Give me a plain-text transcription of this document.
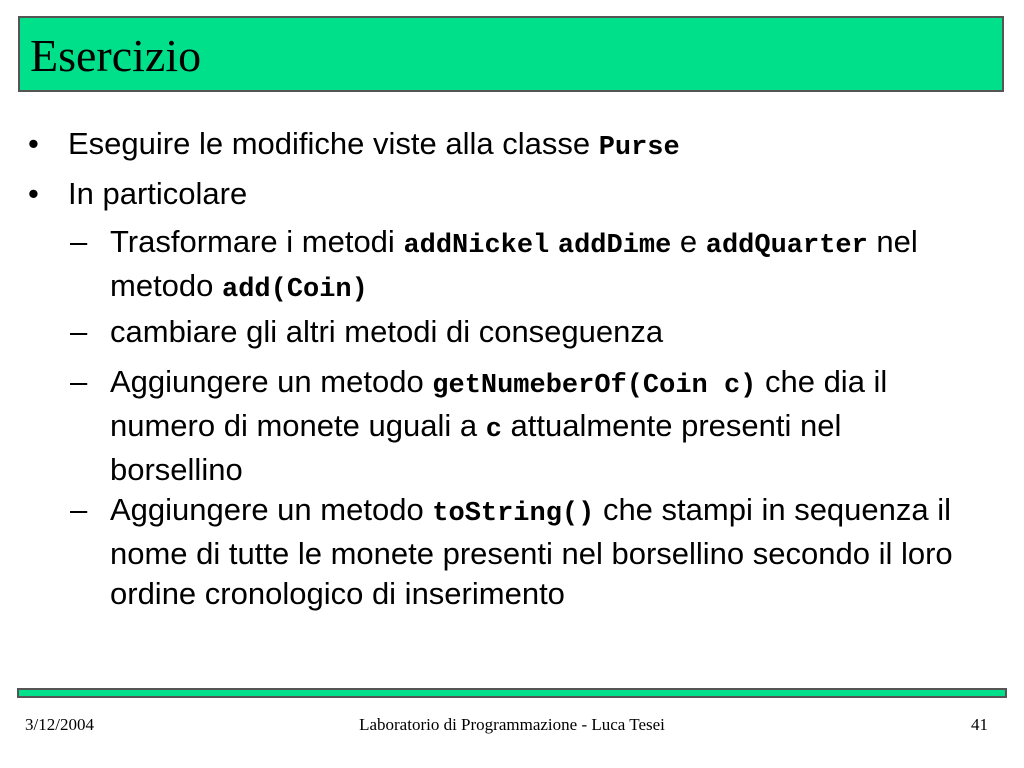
Esercizio
• Eseguire le modifiche viste alla classe Purse
• In particolare
– Trasformare i metodi addNickel addDime e addQuarter nel metodo add(Coin)
– cambiare gli altri metodi di conseguenza
– Aggiungere un metodo getNumeberOf(Coin c) che dia il numero di monete uguali a c attualmente presenti nel borsellino
– Aggiungere un metodo toString() che stampi in sequenza il nome di tutte le monete presenti nel borsellino secondo il loro ordine cronologico di inserimento
3/12/2004	Laboratorio di Programmazione - Luca Tesei	41
